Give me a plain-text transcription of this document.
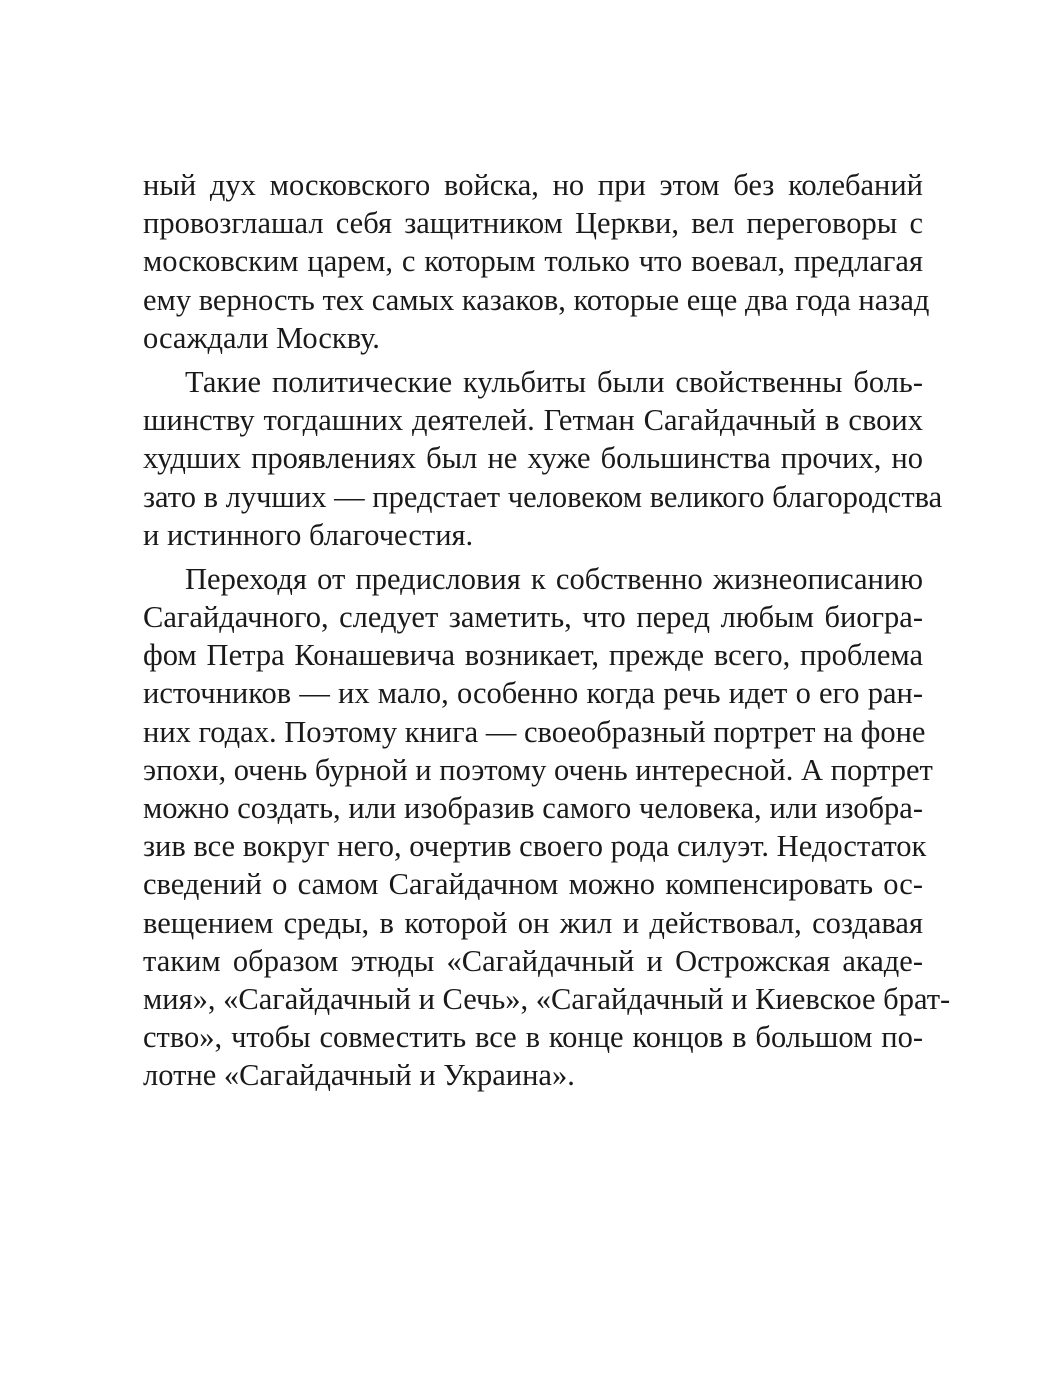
ный дух московского войска, но при этом без колебаний
провозглашал себя защитником Церкви, вел переговоры с
московским царем, с которым только что воевал, предлагая
ему верность тех самых казаков, которые еще два года назад
осаждали Москву.
Такие политические кульбиты были свойственны боль-
шинству тогдашних деятелей. Гетман Сагайдачный в своих
худших проявлениях был не хуже большинства прочих, но
зато в лучших — предстает человеком великого благородства
и истинного благочестия.
Переходя от предисловия к собственно жизнеописанию
Сагайдачного, следует заметить, что перед любым биогра-
фом Петра Конашевича возникает, прежде всего, проблема
источников — их мало, особенно когда речь идет о его ран-
них годах. Поэтому книга — своеобразный портрет на фоне
эпохи, очень бурной и поэтому очень интересной. А портрет
можно создать, или изобразив самого человека, или изобра-
зив все вокруг него, очертив своего рода силуэт. Недостаток
сведений о самом Сагайдачном можно компенсировать ос-
вещением среды, в которой он жил и действовал, создавая
таким образом этюды «Сагайдачный и Острожская акаде-
мия», «Сагайдачный и Сечь», «Сагайдачный и Киевское брат-
ство», чтобы совместить все в конце концов в большом по-
лотне «Сагайдачный и Украина».
